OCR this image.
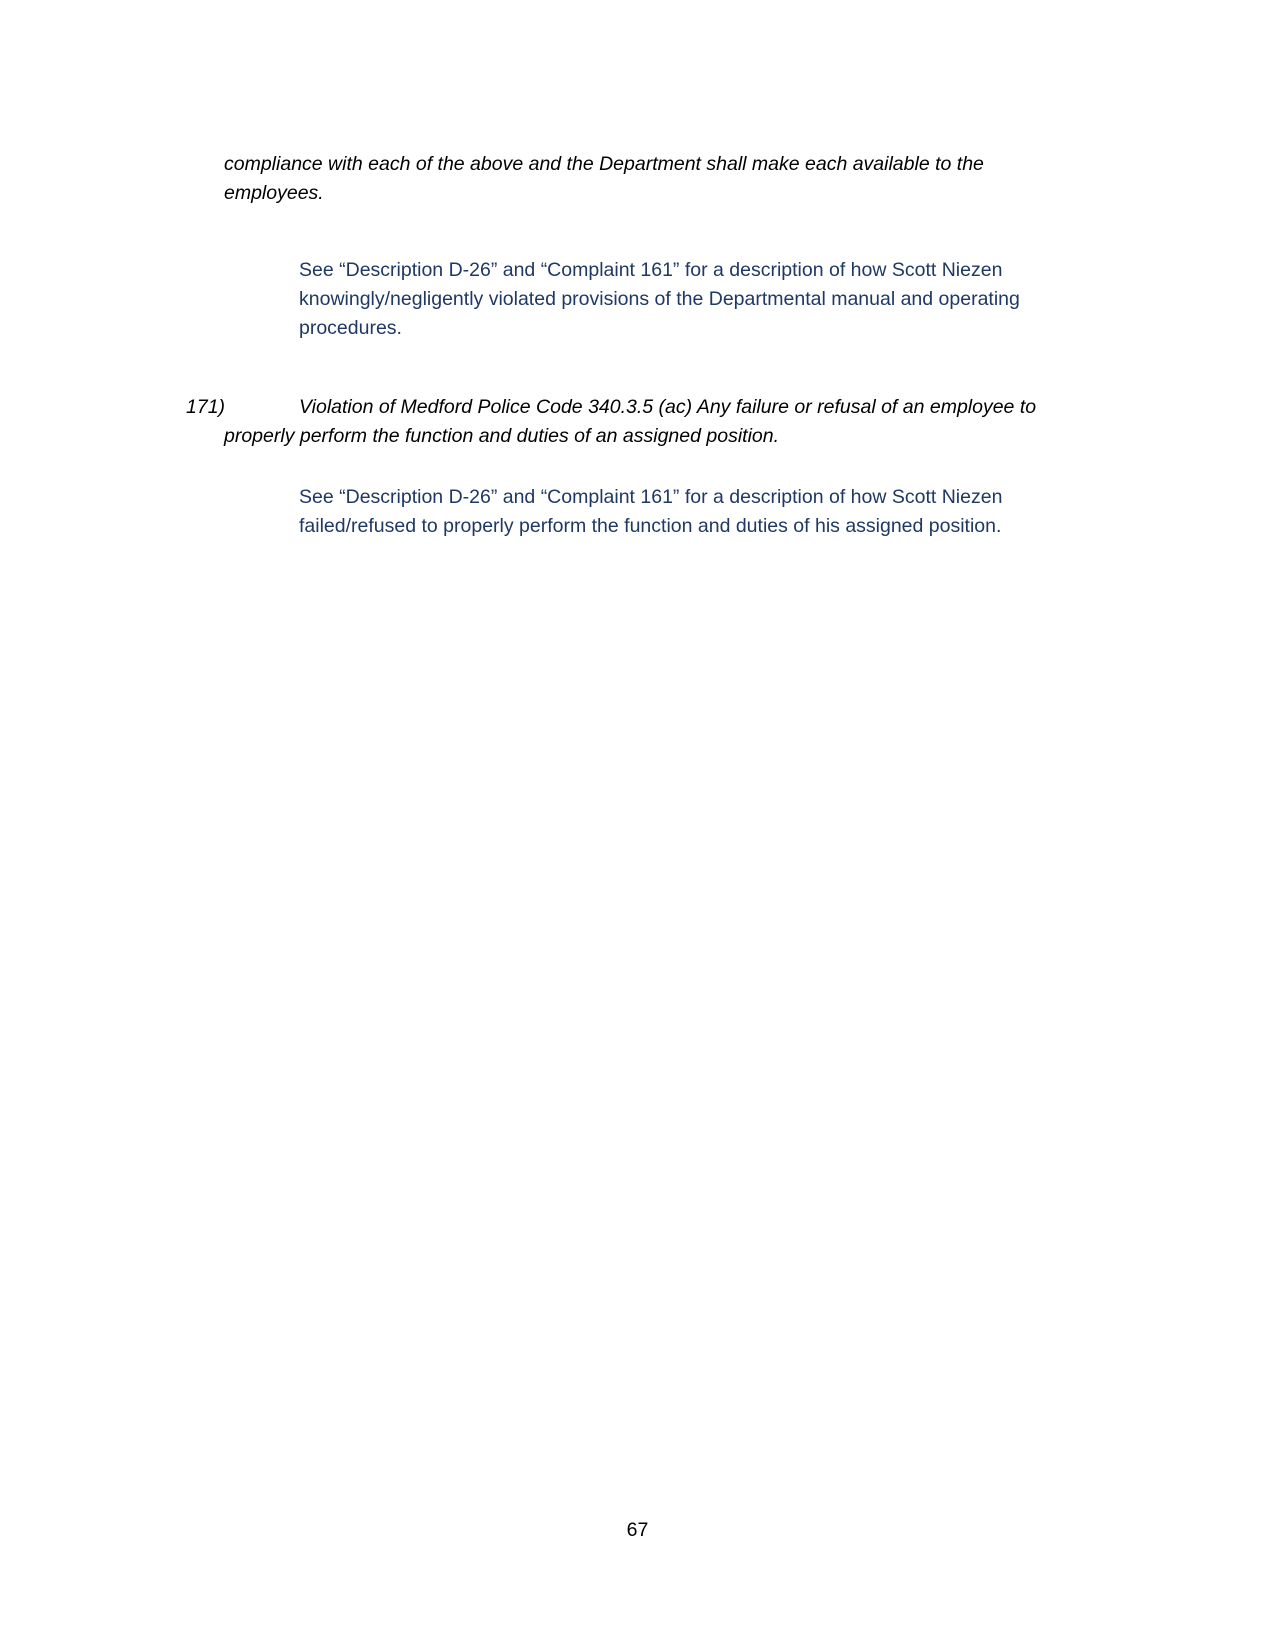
compliance with each of the above and the Department shall make each available to the
employees.
See “Description D-26” and “Complaint 161” for a description of how Scott Niezen
knowingly/negligently violated provisions of the Departmental manual and operating
procedures.
171)	Violation of Medford Police Code 340.3.5 (ac) Any failure or refusal of an employee to
properly perform the function and duties of an assigned position.
See “Description D-26” and “Complaint 161” for a description of how Scott Niezen
failed/refused to properly perform the function and duties of his assigned position.
67
